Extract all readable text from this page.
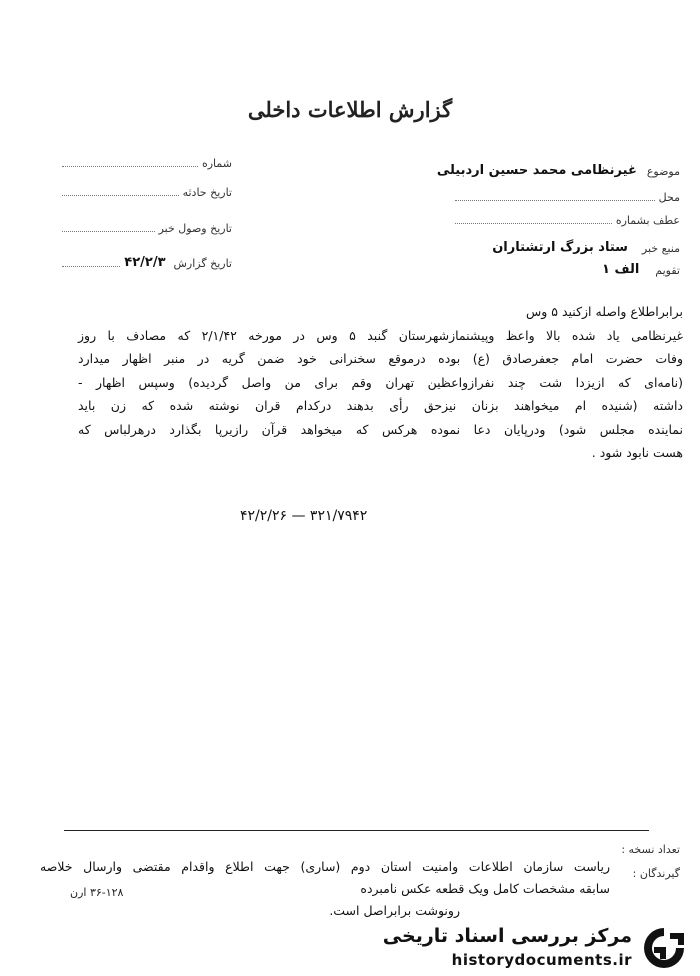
گزارش اطلاعات داخلی
شماره
تاریخ حادثه
تاریخ وصول خبر
تاریخ گزارش
۴۲/۲/۳
موضوع
غیرنظامی محمد حسین اردبیلی
محل
عطف بشماره
منبع خبر
ستاد بزرگ ارتشتاران
تقویم
الف ۱
برابراطلاع واصله ازکنید ۵ وس
غیرنظامی یاد شده بالا واعظ وپیشنمازشهرستان گنبد ۵ وس در مورخه ۲/۱/۴۲ که مصادف با روز
وفات حضرت امام جعفرصادق (ع) بوده درموقع سخنرانی خود ضمن گریه در منبر اظهار میدارد
(نامه‌ای که ازیزدا شت چند نفرازواعظین تهران وقم برای من واصل گردیده) وسپس اظهار -
داشته (شنیده ام میخواهند بزنان نیزحق رأی بدهند درکدام قران نوشته شده که زن باید
نماینده مجلس شود) ودرپایان دعا نموده هرکس که میخواهد قرآن رازیرپا بگذارد درهرلباس که
هست نابود شود .
۴۲/۲/۲۶ — ۳۲۱/۷۹۴۲
تعداد نسخه :
گیرندگان :
ریاست سازمان اطلاعات وامنیت استان دوم (ساری) جهت اطلاع واقدام مقتضی وارسال خلاصه
سابقه مشخصات کامل ویک قطعه عکس نامبرده
رونوشت برابراصل است.
۳۶-۱۲۸ ارن
مرکز بررسی اسناد تاریخی
historydocuments.ir
